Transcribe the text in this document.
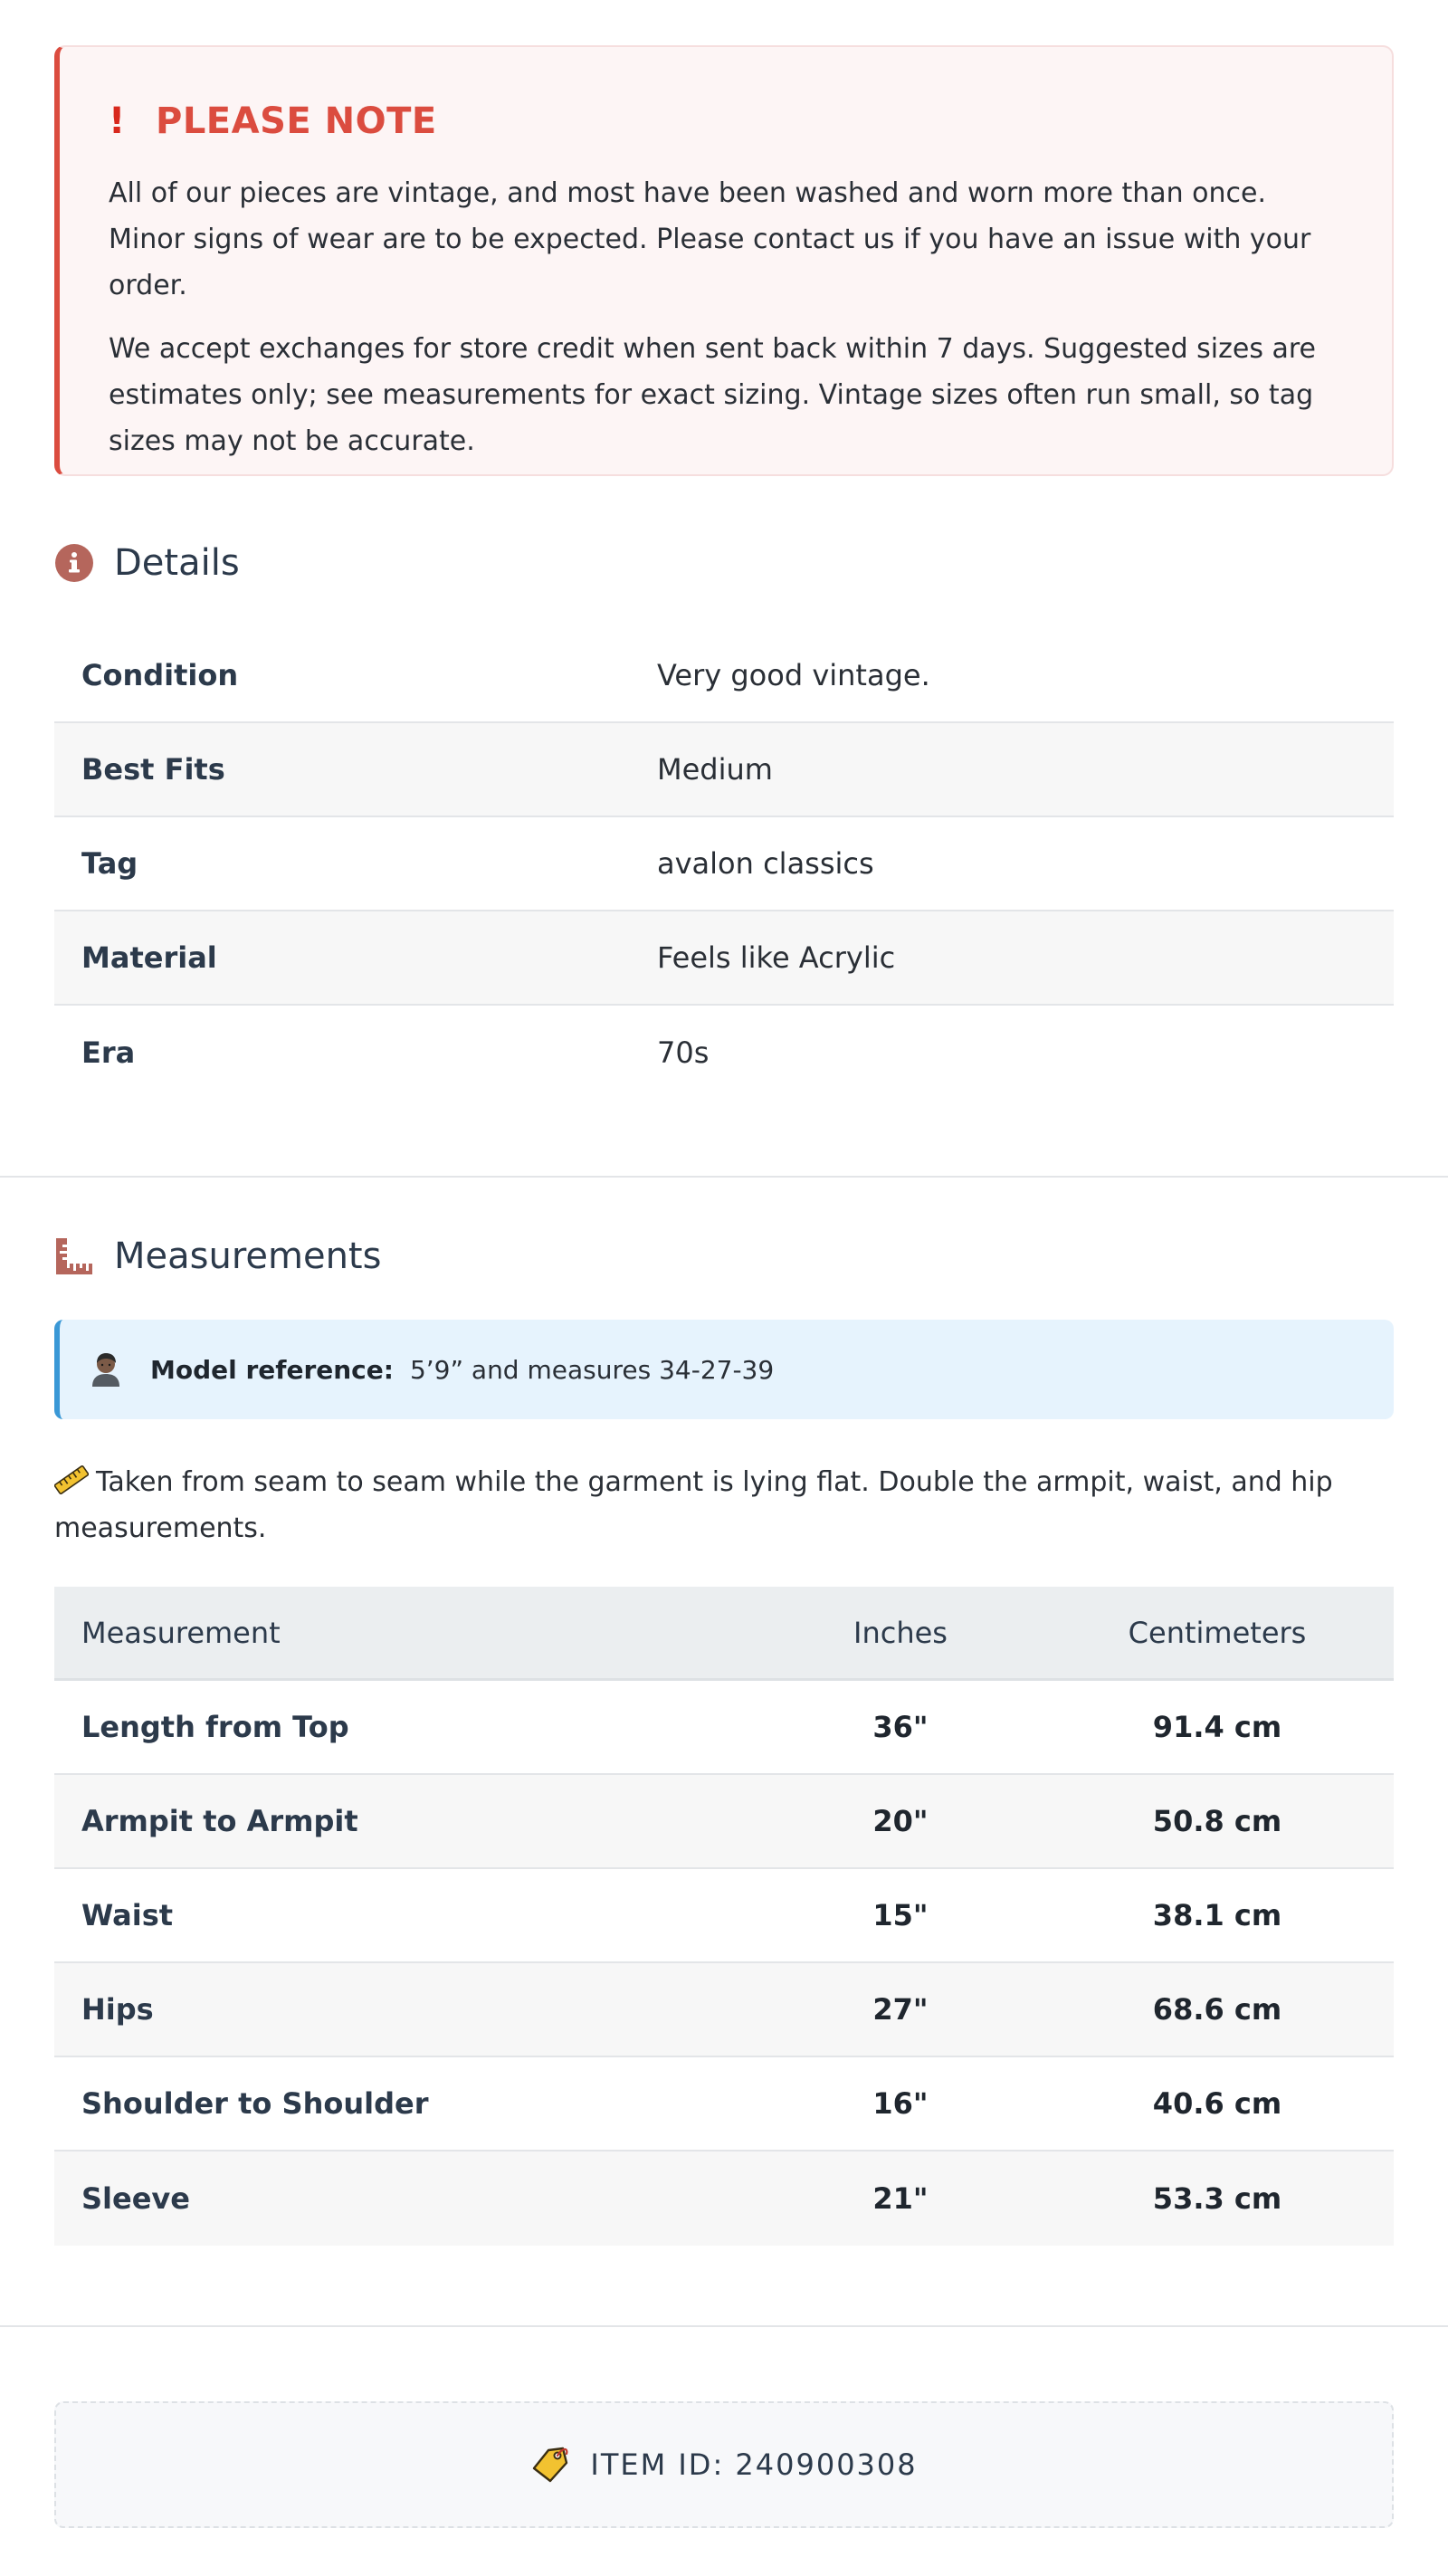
! PLEASE NOTE

All of our pieces are vintage, and most have been washed and worn more than once. Minor signs of wear are to be expected. Please contact us if you have an issue with your order.

We accept exchanges for store credit when sent back within 7 days. Suggested sizes are estimates only; see measurements for exact sizing. Vintage sizes often run small, so tag sizes may not be accurate.

Details
Condition	Very good vintage.
Best Fits	Medium
Tag	avalon classics
Material	Feels like Acrylic
Era	70s
Measurements
Model reference: 5’9” and measures 34-27-39

Taken from seam to seam while the garment is lying flat. Double the armpit, waist, and hip measurements.

Measurement	Inches	Centimeters
Length from Top	36"	91.4 cm
Armpit to Armpit	20"	50.8 cm
Waist	15"	38.1 cm
Hips	27"	68.6 cm
Shoulder to Shoulder	16"	40.6 cm
Sleeve	21"	53.3 cm
ITEM ID: 240900308
